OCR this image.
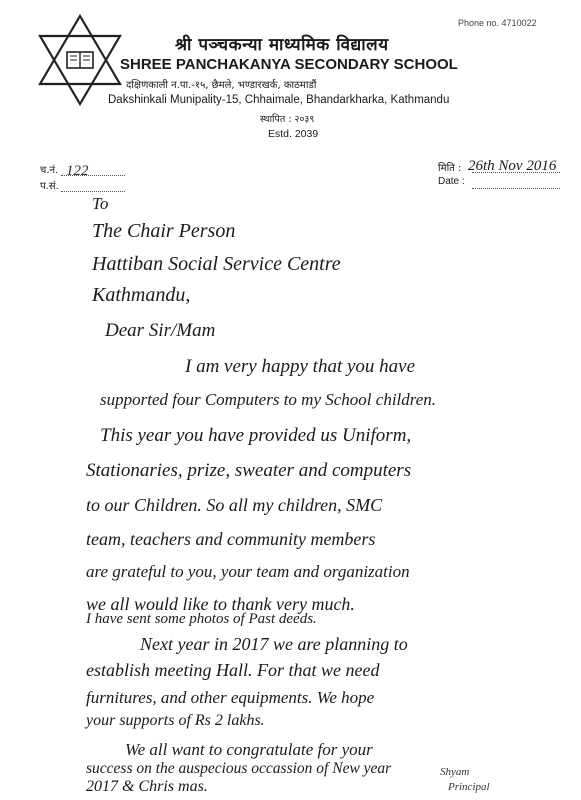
Phone no. 4710022
श्री पञ्चकन्या माध्यमिक विद्यालय
SHREE PANCHAKANYA SECONDARY SCHOOL
दक्षिणकाली न.पा.-१५, छैमले, भण्डारखर्क, काठमाडौं
Dakshinkali Munipality-15, Chhaimale, Bhandarkharka, Kathmandu
स्थापित : २०३९
Estd. 2039
च.नं.
प.सं.
122	मिति :
Date :
26th Nov 2016
To
The Chair Person
Hattiban Social Service Centre
Kathmandu,
Dear Sir/Mam
I am very happy that you have
supported four Computers to my School children.
This year you have provided us Uniform,
Stationaries, prize, sweater and computers
to our Children. So all my children, SMC
team, teachers and community members
are grateful to you, your team and organization
we all would like to thank very much.
I have sent some photos of Past deeds.
Next year in 2017 we are planning to
establish meeting Hall. For that we need
furnitures, and other equipments. We hope
your supports of Rs 2 lakhs.
We all want to congratulate for your
success on the auspecious occassion of New year
2017 & Chris mas.
Shyam
Principal
